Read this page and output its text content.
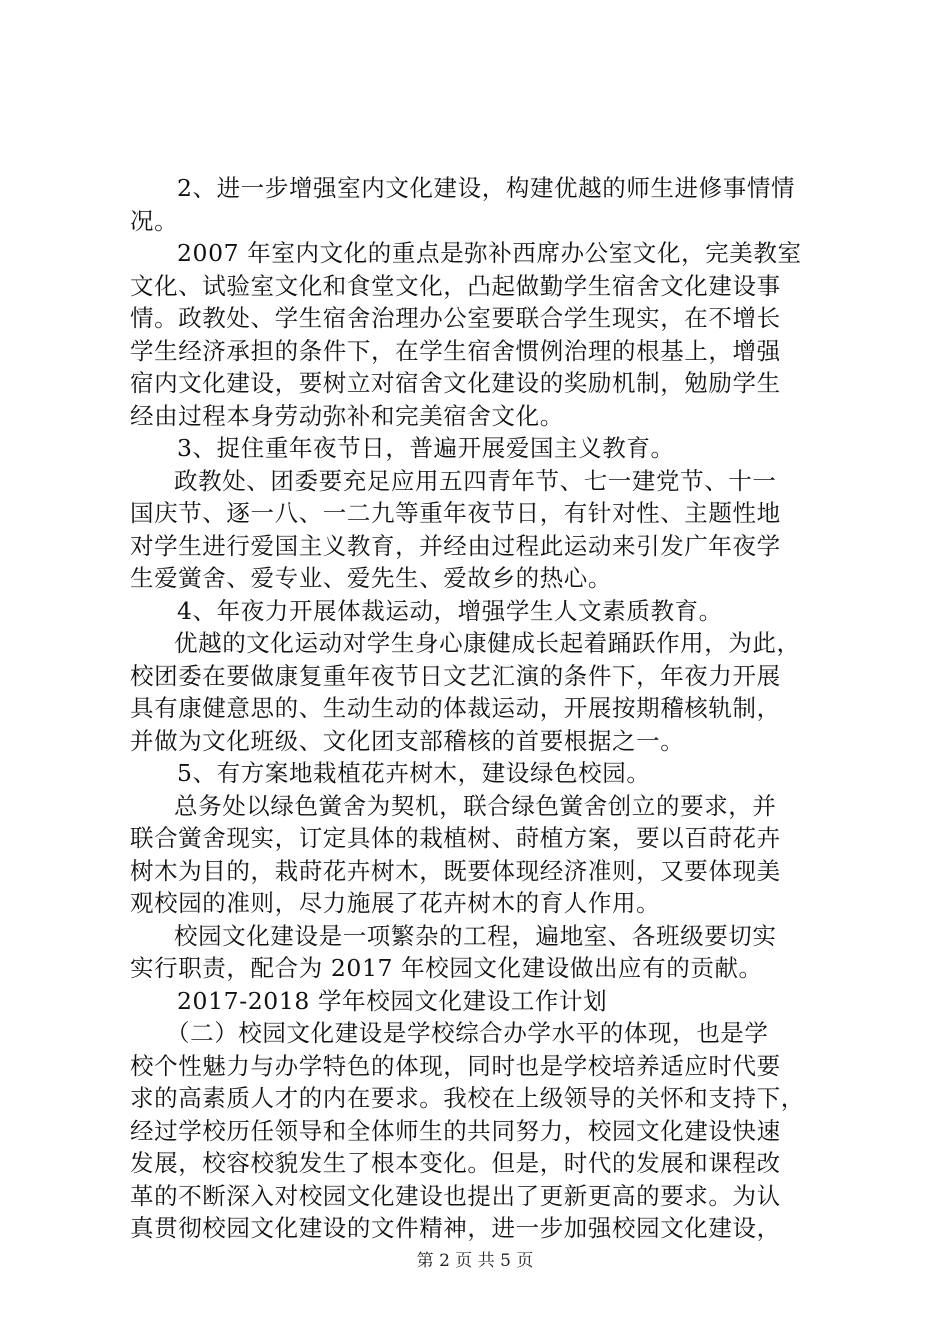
2、进一步增强室内文化建设，构建优越的师生进修事情情
况。
2007 年室内文化的重点是弥补西席办公室文化，完美教室
文化、试验室文化和食堂文化，凸起做勤学生宿舍文化建设事
情。政教处、学生宿舍治理办公室要联合学生现实，在不增长
学生经济承担的条件下，在学生宿舍惯例治理的根基上，增强
宿内文化建设，要树立对宿舍文化建设的奖励机制，勉励学生
经由过程本身劳动弥补和完美宿舍文化。
3、捉住重年夜节日，普遍开展爱国主义教育。
政教处、团委要充足应用五四青年节、七一建党节、十一
国庆节、逐一八、一二九等重年夜节日，有针对性、主题性地
对学生进行爱国主义教育，并经由过程此运动来引发广年夜学
生爱黉舍、爱专业、爱先生、爱故乡的热心。
4、年夜力开展体裁运动，增强学生人文素质教育。
优越的文化运动对学生身心康健成长起着踊跃作用，为此，
校团委在要做康复重年夜节日文艺汇演的条件下，年夜力开展
具有康健意思的、生动生动的体裁运动，开展按期稽核轨制，
并做为文化班级、文化团支部稽核的首要根据之一。
5、有方案地栽植花卉树木，建设绿色校园。
总务处以绿色黉舍为契机，联合绿色黉舍创立的要求，并
联合黉舍现实，订定具体的栽植树、莳植方案，要以百莳花卉
树木为目的，栽莳花卉树木，既要体现经济准则，又要体现美
观校园的准则，尽力施展了花卉树木的育人作用。
校园文化建设是一项繁杂的工程，遍地室、各班级要切实
实行职责，配合为 2017 年校园文化建设做出应有的贡献。
2017-2018 学年校园文化建设工作计划
（二）校园文化建设是学校综合办学水平的体现，也是学
校个性魅力与办学特色的体现，同时也是学校培养适应时代要
求的高素质人才的内在要求。我校在上级领导的关怀和支持下，
经过学校历任领导和全体师生的共同努力，校园文化建设快速
发展，校容校貌发生了根本变化。但是，时代的发展和课程改
革的不断深入对校园文化建设也提出了更新更高的要求。为认
真贯彻校园文化建设的文件精神，进一步加强校园文化建设，
第 2 页 共 5 页
